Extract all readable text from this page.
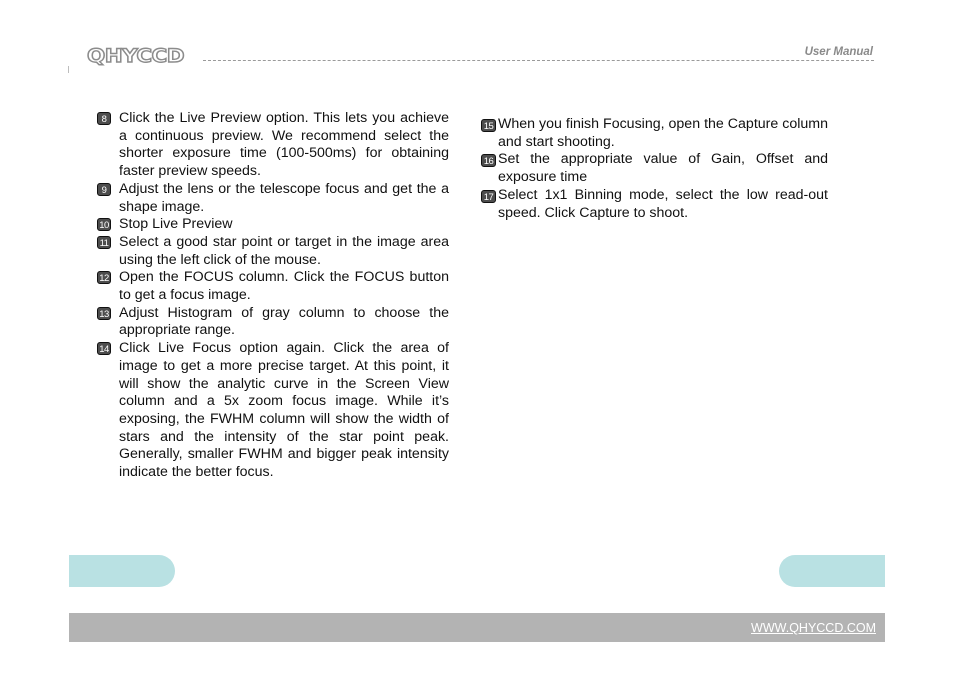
QHYCCD	User Manual

8 Click the Live Preview option. This lets you achieve a continuous preview. We recommend select the shorter exposure time (100-500ms) for obtaining faster preview speeds.

9 Adjust the lens or the telescope focus and get the a shape image.

10 Stop Live Preview

11 Select a good star point or target in the image area using the left click of the mouse.

12 Open the FOCUS column. Click the FOCUS button to get a focus image.

13 Adjust Histogram of gray column to choose the appropriate range.

14 Click Live Focus option again. Click the area of image to get a more precise target. At this point, it will show the analytic curve in the Screen View column and a 5x zoom focus image. While it’s exposing, the FWHM column will show the width of stars and the intensity of the star point peak. Generally, smaller FWHM and bigger peak intensity indicate the better focus.

15 When you finish Focusing, open the Capture column and start shooting.

16 Set the appropriate value of Gain, Offset and exposure time

17 Select 1x1 Binning mode, select the low read-out speed. Click Capture to shoot.

WWW.QHYCCD.COM
